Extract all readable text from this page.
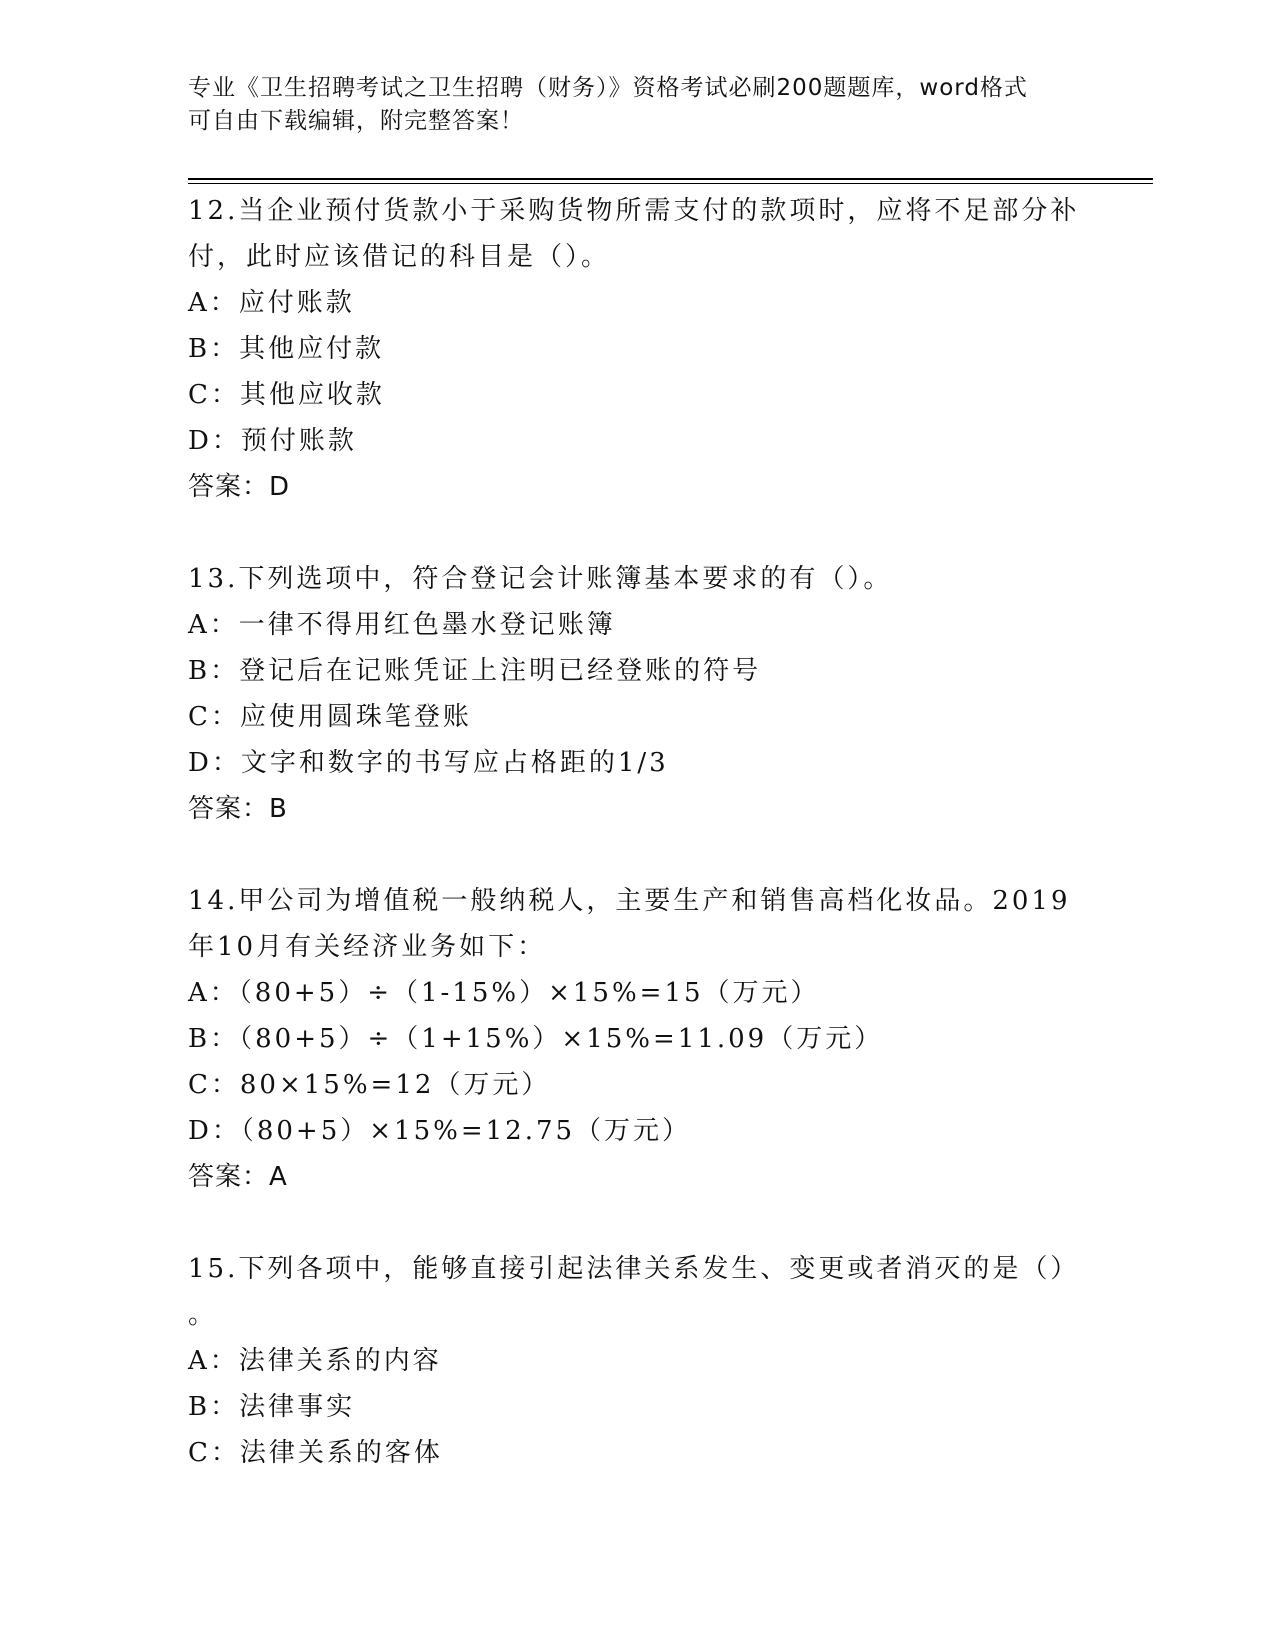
专业《卫生招聘考试之卫生招聘（财务）》资格考试必刷200题题库，word格式
可自由下载编辑，附完整答案！
12.当企业预付货款小于采购货物所需支付的款项时，应将不足部分补
付，此时应该借记的科目是（）。
A：应付账款
B：其他应付款
C：其他应收款
D：预付账款
答案：D
13.下列选项中，符合登记会计账簿基本要求的有（）。
A：一律不得用红色墨水登记账簿
B：登记后在记账凭证上注明已经登账的符号
C：应使用圆珠笔登账
D：文字和数字的书写应占格距的1/3
答案：B
14.甲公司为增值税一般纳税人，主要生产和销售高档化妆品。2019
年10月有关经济业务如下：
A：（80+5）÷（1-15%）×15%=15（万元）
B：（80+5）÷（1+15%）×15%=11.09（万元）
C：80×15%=12（万元）
D：（80+5）×15%=12.75（万元）
答案：A
15.下列各项中，能够直接引起法律关系发生、变更或者消灭的是（）
。
A：法律关系的内容
B：法律事实
C：法律关系的客体
